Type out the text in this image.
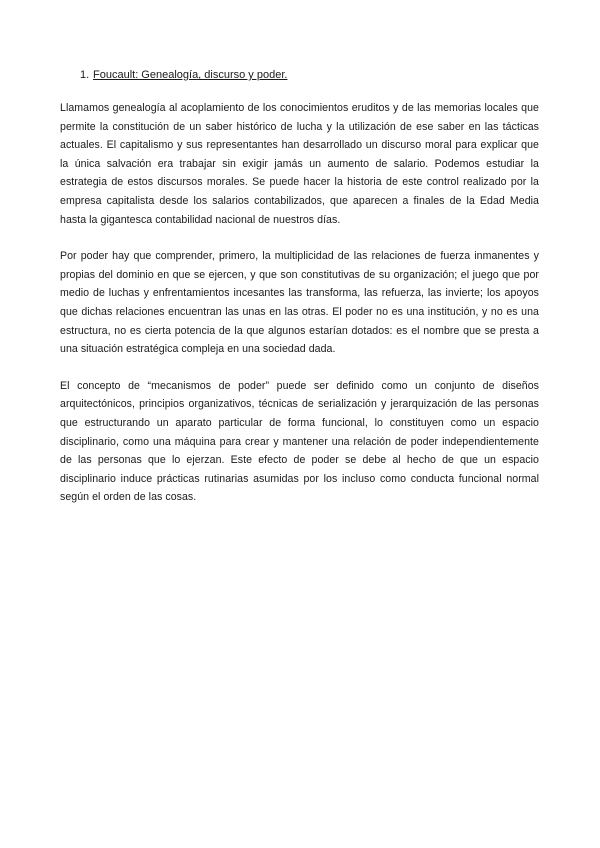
1. Foucault: Genealogía, discurso y poder.

Llamamos genealogía al acoplamiento de los conocimientos eruditos y de las memorias locales que permite la constitución de un saber histórico de lucha y la utilización de ese saber en las tácticas actuales. El capitalismo y sus representantes han desarrollado un discurso moral para explicar que la única salvación era trabajar sin exigir jamás un aumento de salario. Podemos estudiar la estrategia de estos discursos morales. Se puede hacer la historia de este control realizado por la empresa capitalista desde los salarios contabilizados, que aparecen a finales de la Edad Media hasta la gigantesca contabilidad nacional de nuestros días.

Por poder hay que comprender, primero, la multiplicidad de las relaciones de fuerza inmanentes y propias del dominio en que se ejercen, y que son constitutivas de su organización; el juego que por medio de luchas y enfrentamientos incesantes las transforma, las refuerza, las invierte; los apoyos que dichas relaciones encuentran las unas en las otras. El poder no es una institución, y no es una estructura, no es cierta potencia de la que algunos estarían dotados: es el nombre que se presta a una situación estratégica compleja en una sociedad dada.

El concepto de “mecanismos de poder” puede ser definido como un conjunto de diseños arquitectónicos, principios organizativos, técnicas de serialización y jerarquización de las personas que estructurando un aparato particular de forma funcional, lo constituyen como un espacio disciplinario, como una máquina para crear y mantener una relación de poder independientemente de las personas que lo ejerzan. Este efecto de poder se debe al hecho de que un espacio disciplinario induce prácticas rutinarias asumidas por los incluso como conducta funcional normal según el orden de las cosas.
